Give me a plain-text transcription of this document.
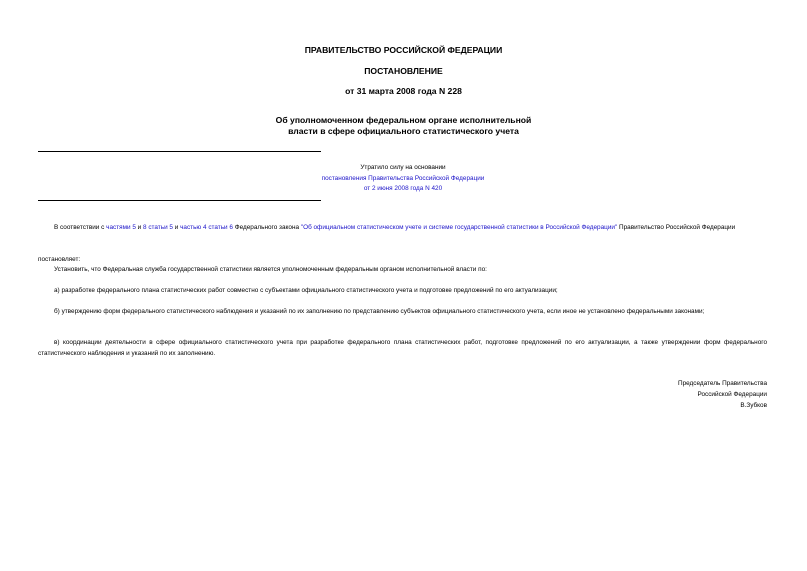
ПРАВИТЕЛЬСТВО РОССИЙСКОЙ ФЕДЕРАЦИИ
ПОСТАНОВЛЕНИЕ
от 31 марта 2008 года N 228
Об уполномоченном федеральном органе исполнительной
власти в сфере официального статистического учета
Утратило силу на основании
постановления Правительства Российской Федерации
от 2 июня 2008 года N 420
В соответствии с частями 5 и 8 статьи 5 и частью 4 статьи 6 Федерального закона "Об официальном статистическом учете и системе государственной статистики в Российской Федерации" Правительство Российской Федерации
постановляет:
Установить, что Федеральная служба государственной статистики является уполномоченным федеральным органом исполнительной власти по:
а) разработке федерального плана статистических работ совместно с субъектами официального статистического учета и подготовке предложений по его актуализации;
б) утверждению форм федерального статистического наблюдения и указаний по их заполнению по представлению субъектов официального статистического учета, если иное не установлено федеральными законами;
в) координации деятельности в сфере официального статистического учета при разработке федерального плана статистических работ, подготовке предложений по его актуализации, а также утверждении форм федерального статистического наблюдения и указаний по их заполнению.
Председатель Правительства
Российской Федерации
В.Зубков
